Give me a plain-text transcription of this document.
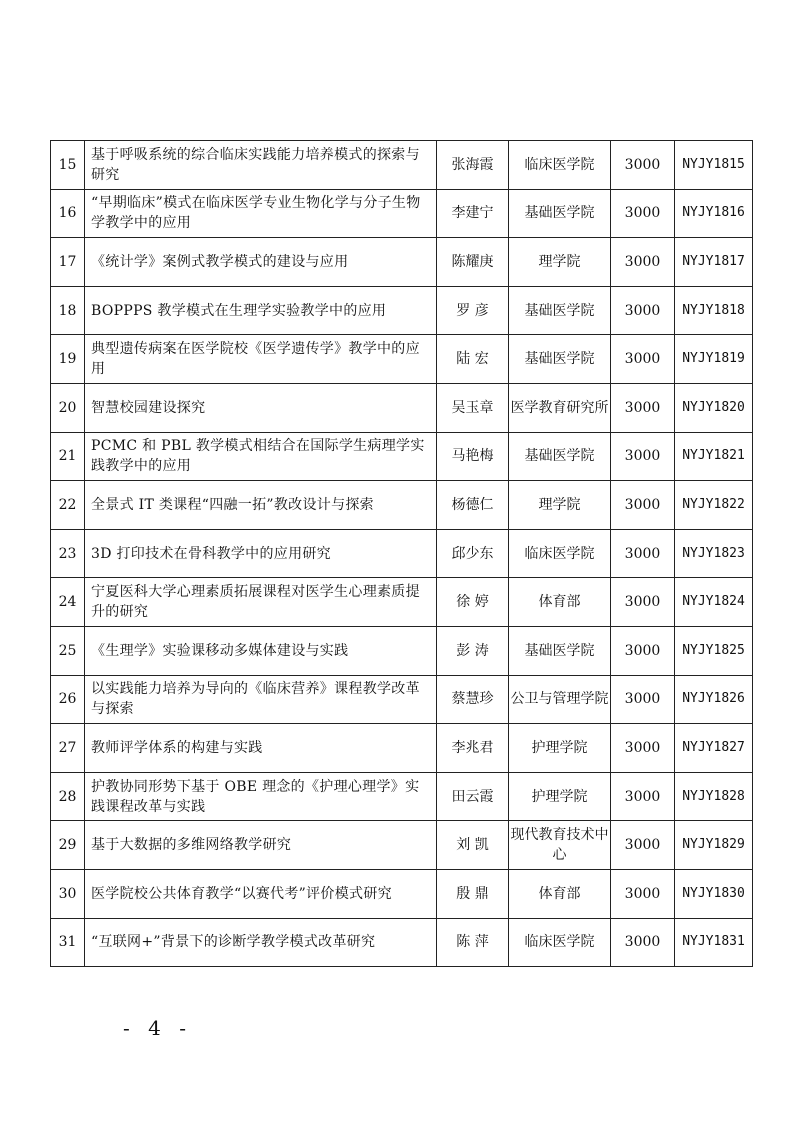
15	基于呼吸系统的综合临床实践能力培养模式的探索与研究	张海霞	临床医学院	3000	NYJY1815
16	“早期临床”模式在临床医学专业生物化学与分子生物学教学中的应用	李建宁	基础医学院	3000	NYJY1816
17	《统计学》案例式教学模式的建设与应用	陈耀庚	理学院	3000	NYJY1817
18	BOPPPS 教学模式在生理学实验教学中的应用	罗 彦	基础医学院	3000	NYJY1818
19	典型遗传病案在医学院校《医学遗传学》教学中的应用	陆 宏	基础医学院	3000	NYJY1819
20	智慧校园建设探究	吴玉章	医学教育研究所	3000	NYJY1820
21	PCMC 和 PBL 教学模式相结合在国际学生病理学实践教学中的应用	马艳梅	基础医学院	3000	NYJY1821
22	全景式 IT 类课程“四融一拓”教改设计与探索	杨德仁	理学院	3000	NYJY1822
23	3D 打印技术在骨科教学中的应用研究	邱少东	临床医学院	3000	NYJY1823
24	宁夏医科大学心理素质拓展课程对医学生心理素质提升的研究	徐 婷	体育部	3000	NYJY1824
25	《生理学》实验课移动多媒体建设与实践	彭 涛	基础医学院	3000	NYJY1825
26	以实践能力培养为导向的《临床营养》课程教学改革与探索	蔡慧珍	公卫与管理学院	3000	NYJY1826
27	教师评学体系的构建与实践	李兆君	护理学院	3000	NYJY1827
28	护教协同形势下基于 OBE 理念的《护理心理学》实践课程改革与实践	田云霞	护理学院	3000	NYJY1828
29	基于大数据的多维网络教学研究	刘 凯	现代教育技术中心	3000	NYJY1829
30	医学院校公共体育教学“以赛代考”评价模式研究	殷 鼎	体育部	3000	NYJY1830
31	“互联网+”背景下的诊断学教学模式改革研究	陈 萍	临床医学院	3000	NYJY1831
- 4 -
